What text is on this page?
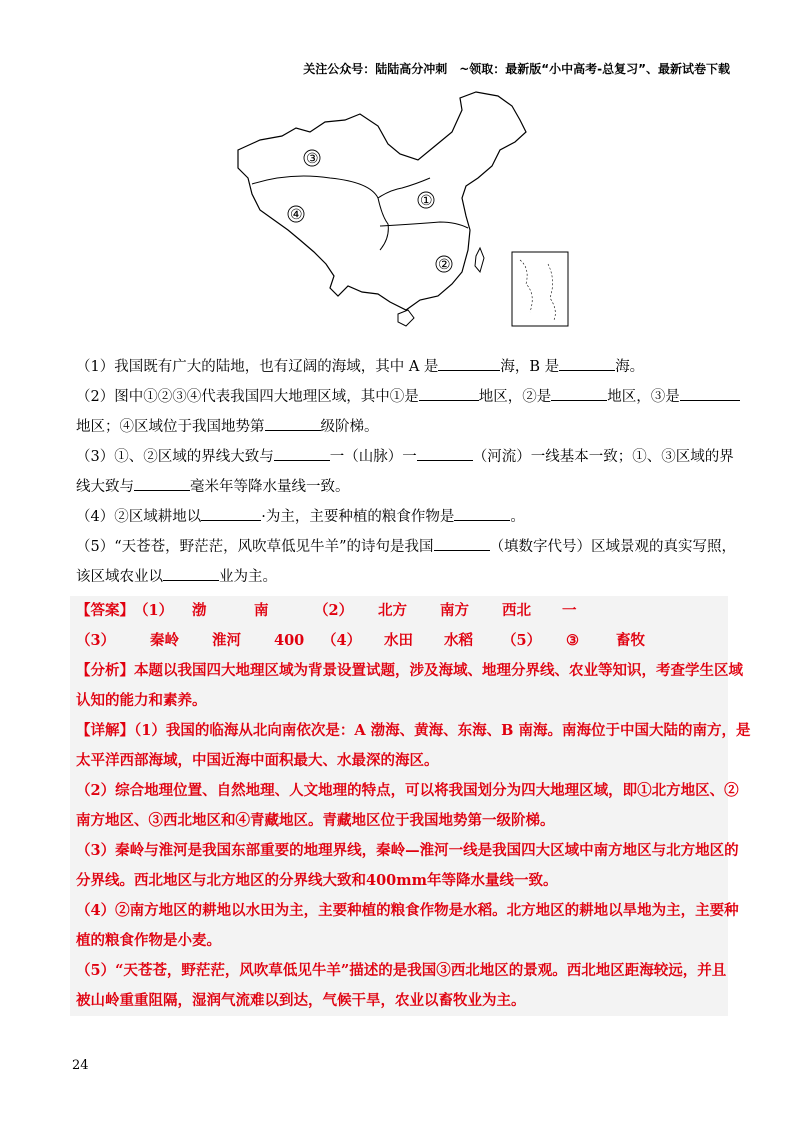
关注公众号：陆陆高分冲刺　~领取：最新版“小中高考-总复习”、最新试卷下载
①
②
③
④
（1）我国既有广大的陆地，也有辽阔的海域，其中 A 是	海，B 是	海。
（2）图中①②③④代表我国四大地理区域，其中①是	地区，②是	地区，③是
地区；④区域位于我国地势第	级阶梯。
（3）①、②区域的界线大致与	一（山脉）一	（河流）一线基本一致；①、③区域的界
线大致与	毫米年等降水量线一致。
（4）②区域耕地以	·为主，主要种植的粮食作物是	。
（5）“天苍苍，野茫茫，风吹草低见牛羊”的诗句是我国	（填数字代号）区域景观的真实写照，
该区域农业以	业为主。
【答案】（1） 渤	南	（2） 北方 南方 西北 一
（3） 秦岭 淮河 400 （4） 水田 水稻 （5） ③	畜牧
【分析】本题以我国四大地理区域为背景设置试题，涉及海域、地理分界线、农业等知识，考查学生区域
认知的能力和素养。
【详解】（1）我国的临海从北向南依次是：A 渤海、黄海、东海、B 南海。南海位于中国大陆的南方，是
太平洋西部海域，中国近海中面积最大、水最深的海区。
（2）综合地理位置、自然地理、人文地理的特点，可以将我国划分为四大地理区域，即①北方地区、②
南方地区、③西北地区和④青藏地区。青藏地区位于我国地势第一级阶梯。
（3）秦岭与淮河是我国东部重要的地理界线，秦岭—淮河一线是我国四大区域中南方地区与北方地区的
分界线。西北地区与北方地区的分界线大致和400mm年等降水量线一致。
（4）②南方地区的耕地以水田为主，主要种植的粮食作物是水稻。北方地区的耕地以旱地为主，主要种
植的粮食作物是小麦。
（5）“天苍苍，野茫茫，风吹草低见牛羊”描述的是我国③西北地区的景观。西北地区距海较远，并且
被山岭重重阻隔，湿润气流难以到达，气候干旱，农业以畜牧业为主。
24
